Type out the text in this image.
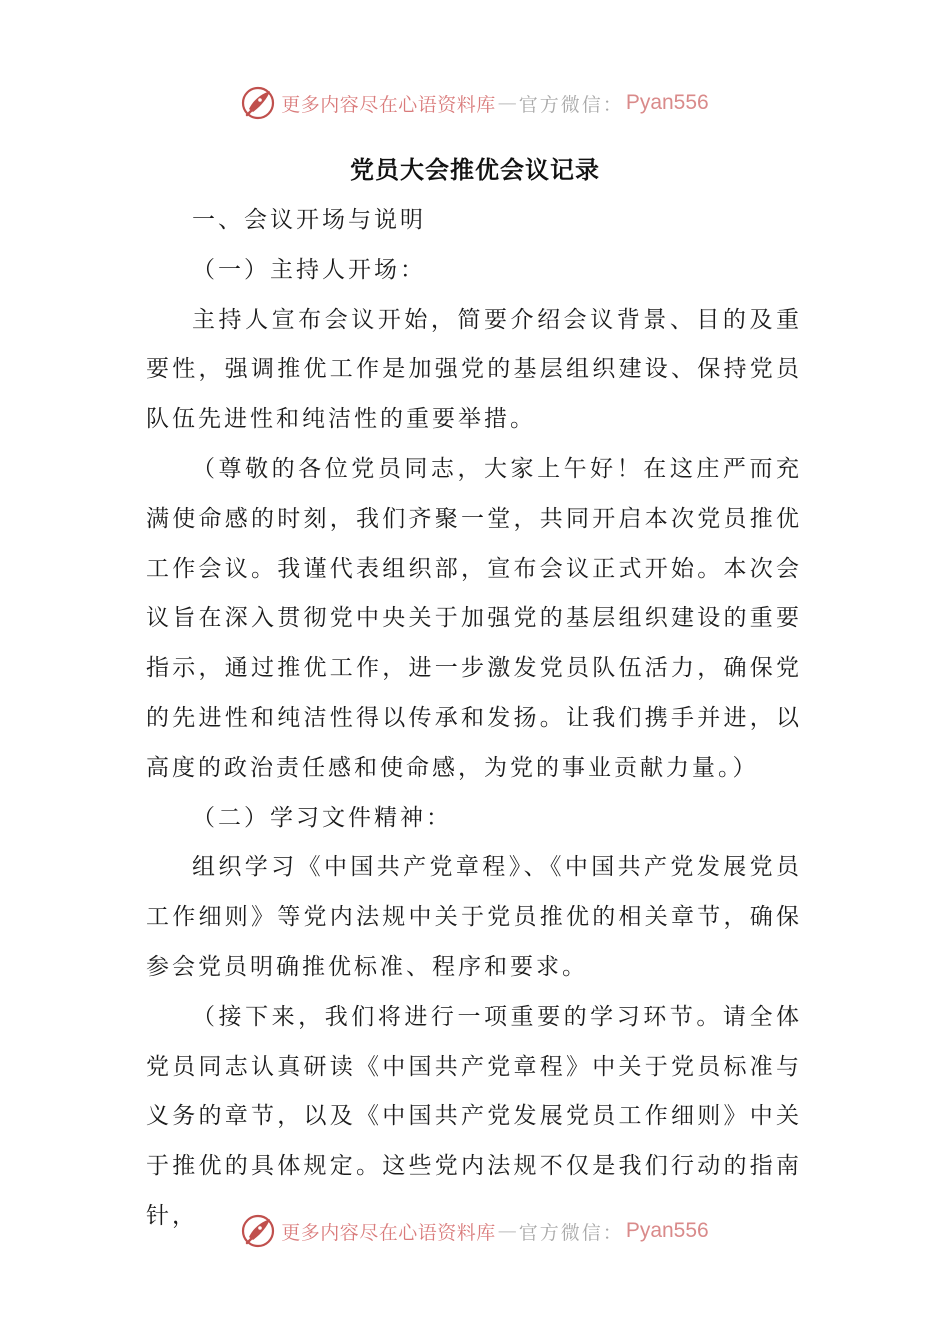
更多内容尽在心语资料库 — 官方微信： Pyan556
党员大会推优会议记录

一、会议开场与说明

（一）主持人开场：

主持人宣布会议开始，简要介绍会议背景、目的及重要性，强调推优工作是加强党的基层组织建设、保持党员队伍先进性和纯洁性的重要举措。

（尊敬的各位党员同志，大家上午好！在这庄严而充满使命感的时刻，我们齐聚一堂，共同开启本次党员推优工作会议。我谨代表组织部，宣布会议正式开始。本次会议旨在深入贯彻党中央关于加强党的基层组织建设的重要指示，通过推优工作，进一步激发党员队伍活力，确保党的先进性和纯洁性得以传承和发扬。让我们携手并进，以高度的政治责任感和使命感，为党的事业贡献力量。）

（二）学习文件精神：

组织学习《中国共产党章程》、《中国共产党发展党员工作细则》等党内法规中关于党员推优的相关章节，确保参会党员明确推优标准、程序和要求。

（接下来，我们将进行一项重要的学习环节。请全体党员同志认真研读《中国共产党章程》中关于党员标准与义务的章节，以及《中国共产党发展党员工作细则》中关于推优的具体规定。这些党内法规不仅是我们行动的指南针，

更多内容尽在心语资料库 — 官方微信： Pyan556
